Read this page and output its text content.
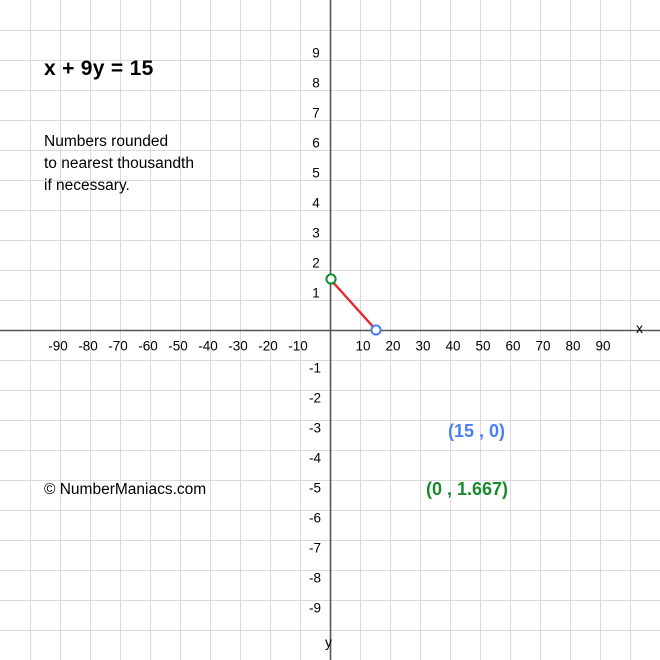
-90 -80 -70 -60 -50 -40 -30 -20 -10	10 20 30 40 50 60 70 80 90
9
8
7
6
5
4
3
2
1
-1
-2
-3
-4
-5
-6
-7
-8
-9
x
y
x + 9y = 15
Numbers rounded
to nearest thousandth
if necessary.
© NumberManiacs.com
(15 , 0)
(0 , 1.667)
